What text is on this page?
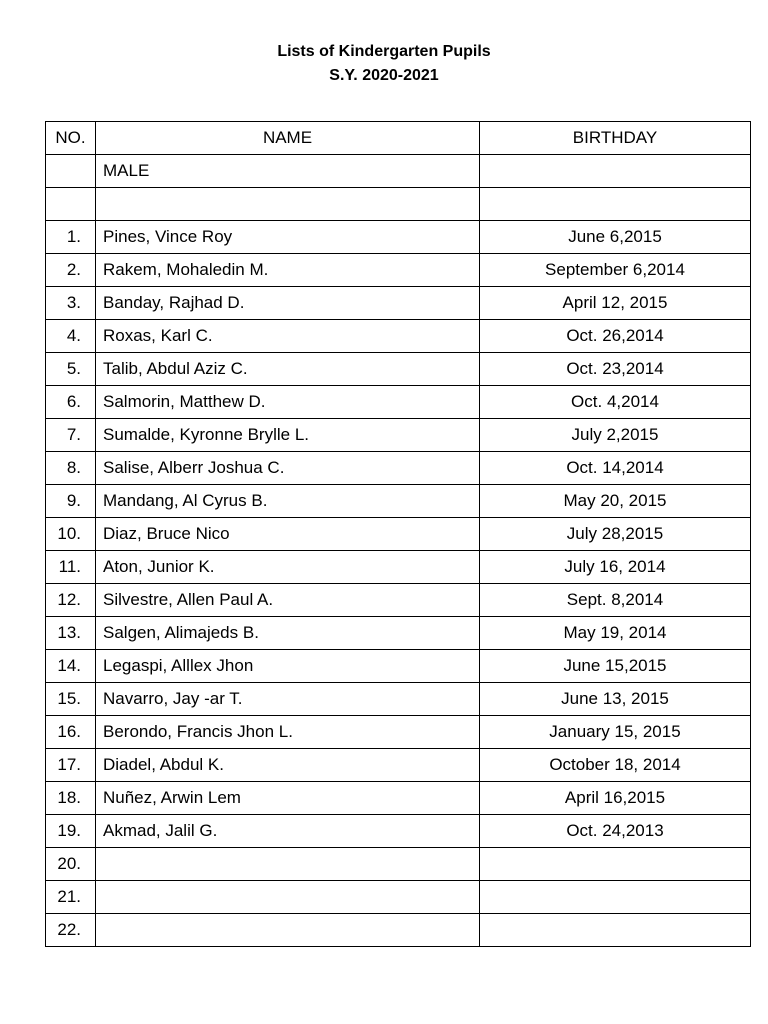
Lists of Kindergarten Pupils
S.Y. 2020-2021
NO.	NAME	BIRTHDAY
	MALE	

1.	Pines, Vince Roy	June 6,2015
2.	Rakem, Mohaledin M.	September 6,2014
3.	Banday, Rajhad D.	April 12, 2015
4.	Roxas, Karl C.	Oct. 26,2014
5.	Talib, Abdul Aziz C.	Oct. 23,2014
6.	Salmorin, Matthew D.	Oct. 4,2014
7.	Sumalde, Kyronne Brylle L.	July 2,2015
8.	Salise, Alberr Joshua C.	Oct. 14,2014
9.	Mandang, Al Cyrus B.	May 20, 2015
10.	Diaz, Bruce Nico	July 28,2015
11.	Aton, Junior K.	July 16, 2014
12.	Silvestre, Allen Paul A.	Sept. 8,2014
13.	Salgen, Alimajeds B.	May 19, 2014
14.	Legaspi, Alllex Jhon	June 15,2015
15.	Navarro, Jay -ar T.	June 13, 2015
16.	Berondo, Francis Jhon L.	January 15, 2015
17.	Diadel, Abdul K.	October 18, 2014
18.	Nuñez, Arwin Lem	April 16,2015
19.	Akmad, Jalil G.	Oct. 24,2013
20.		
21.		
22.		
